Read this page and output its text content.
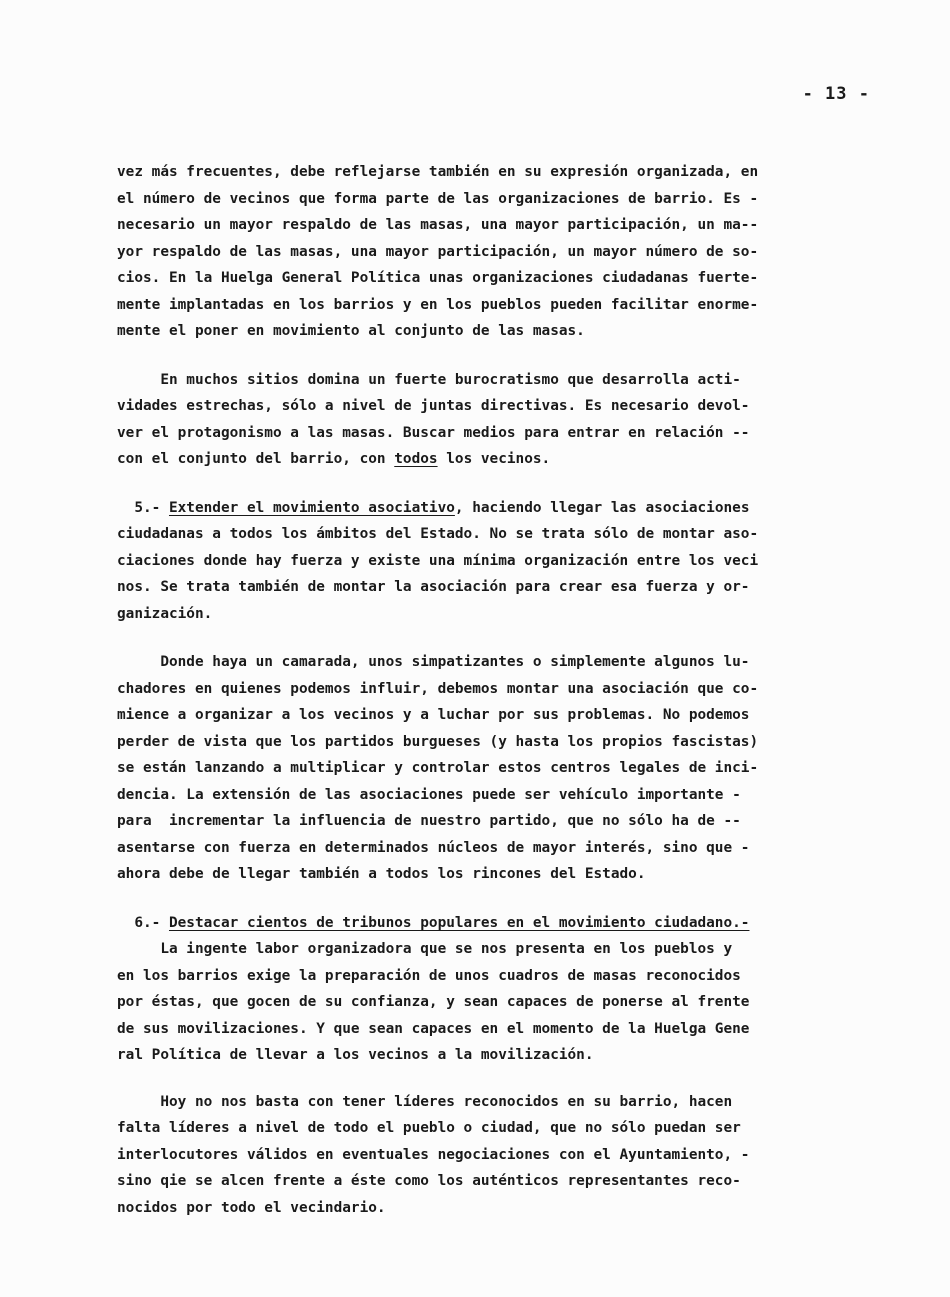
- 13 -
vez más frecuentes, debe reflejarse también en su expresión organizada, en
el número de vecinos que forma parte de las organizaciones de barrio. Es -
necesario un mayor respaldo de las masas, una mayor participación, un ma--
yor respaldo de las masas, una mayor participación, un mayor número de so-
cios. En la Huelga General Política unas organizaciones ciudadanas fuerte-
mente implantadas en los barrios y en los pueblos pueden facilitar enorme-
mente el poner en movimiento al conjunto de las masas.
En muchos sitios domina un fuerte burocratismo que desarrolla acti-
vidades estrechas, sólo a nivel de juntas directivas. Es necesario devol-
ver el protagonismo a las masas. Buscar medios para entrar en relación --
con el conjunto del barrio, con todos los vecinos.
5.- Extender el movimiento asociativo, haciendo llegar las asociaciones
ciudadanas a todos los ámbitos del Estado. No se trata sólo de montar aso-
ciaciones donde hay fuerza y existe una mínima organización entre los veci
nos. Se trata también de montar la asociación para crear esa fuerza y or-
ganización.
Donde haya un camarada, unos simpatizantes o simplemente algunos lu-
chadores en quienes podemos influir, debemos montar una asociación que co-
mience a organizar a los vecinos y a luchar por sus problemas. No podemos
perder de vista que los partidos burgueses (y hasta los propios fascistas)
se están lanzando a multiplicar y controlar estos centros legales de inci-
dencia. La extensión de las asociaciones puede ser vehículo importante -
para  incrementar la influencia de nuestro partido, que no sólo ha de --
asentarse con fuerza en determinados núcleos de mayor interés, sino que -
ahora debe de llegar también a todos los rincones del Estado.
6.- Destacar cientos de tribunos populares en el movimiento ciudadano.-
La ingente labor organizadora que se nos presenta en los pueblos y
en los barrios exige la preparación de unos cuadros de masas reconocidos
por éstas, que gocen de su confianza, y sean capaces de ponerse al frente
de sus movilizaciones. Y que sean capaces en el momento de la Huelga Gene
ral Política de llevar a los vecinos a la movilización.
Hoy no nos basta con tener líderes reconocidos en su barrio, hacen
falta líderes a nivel de todo el pueblo o ciudad, que no sólo puedan ser
interlocutores válidos en eventuales negociaciones con el Ayuntamiento, -
sino qie se alcen frente a éste como los auténticos representantes reco-
nocidos por todo el vecindario.
